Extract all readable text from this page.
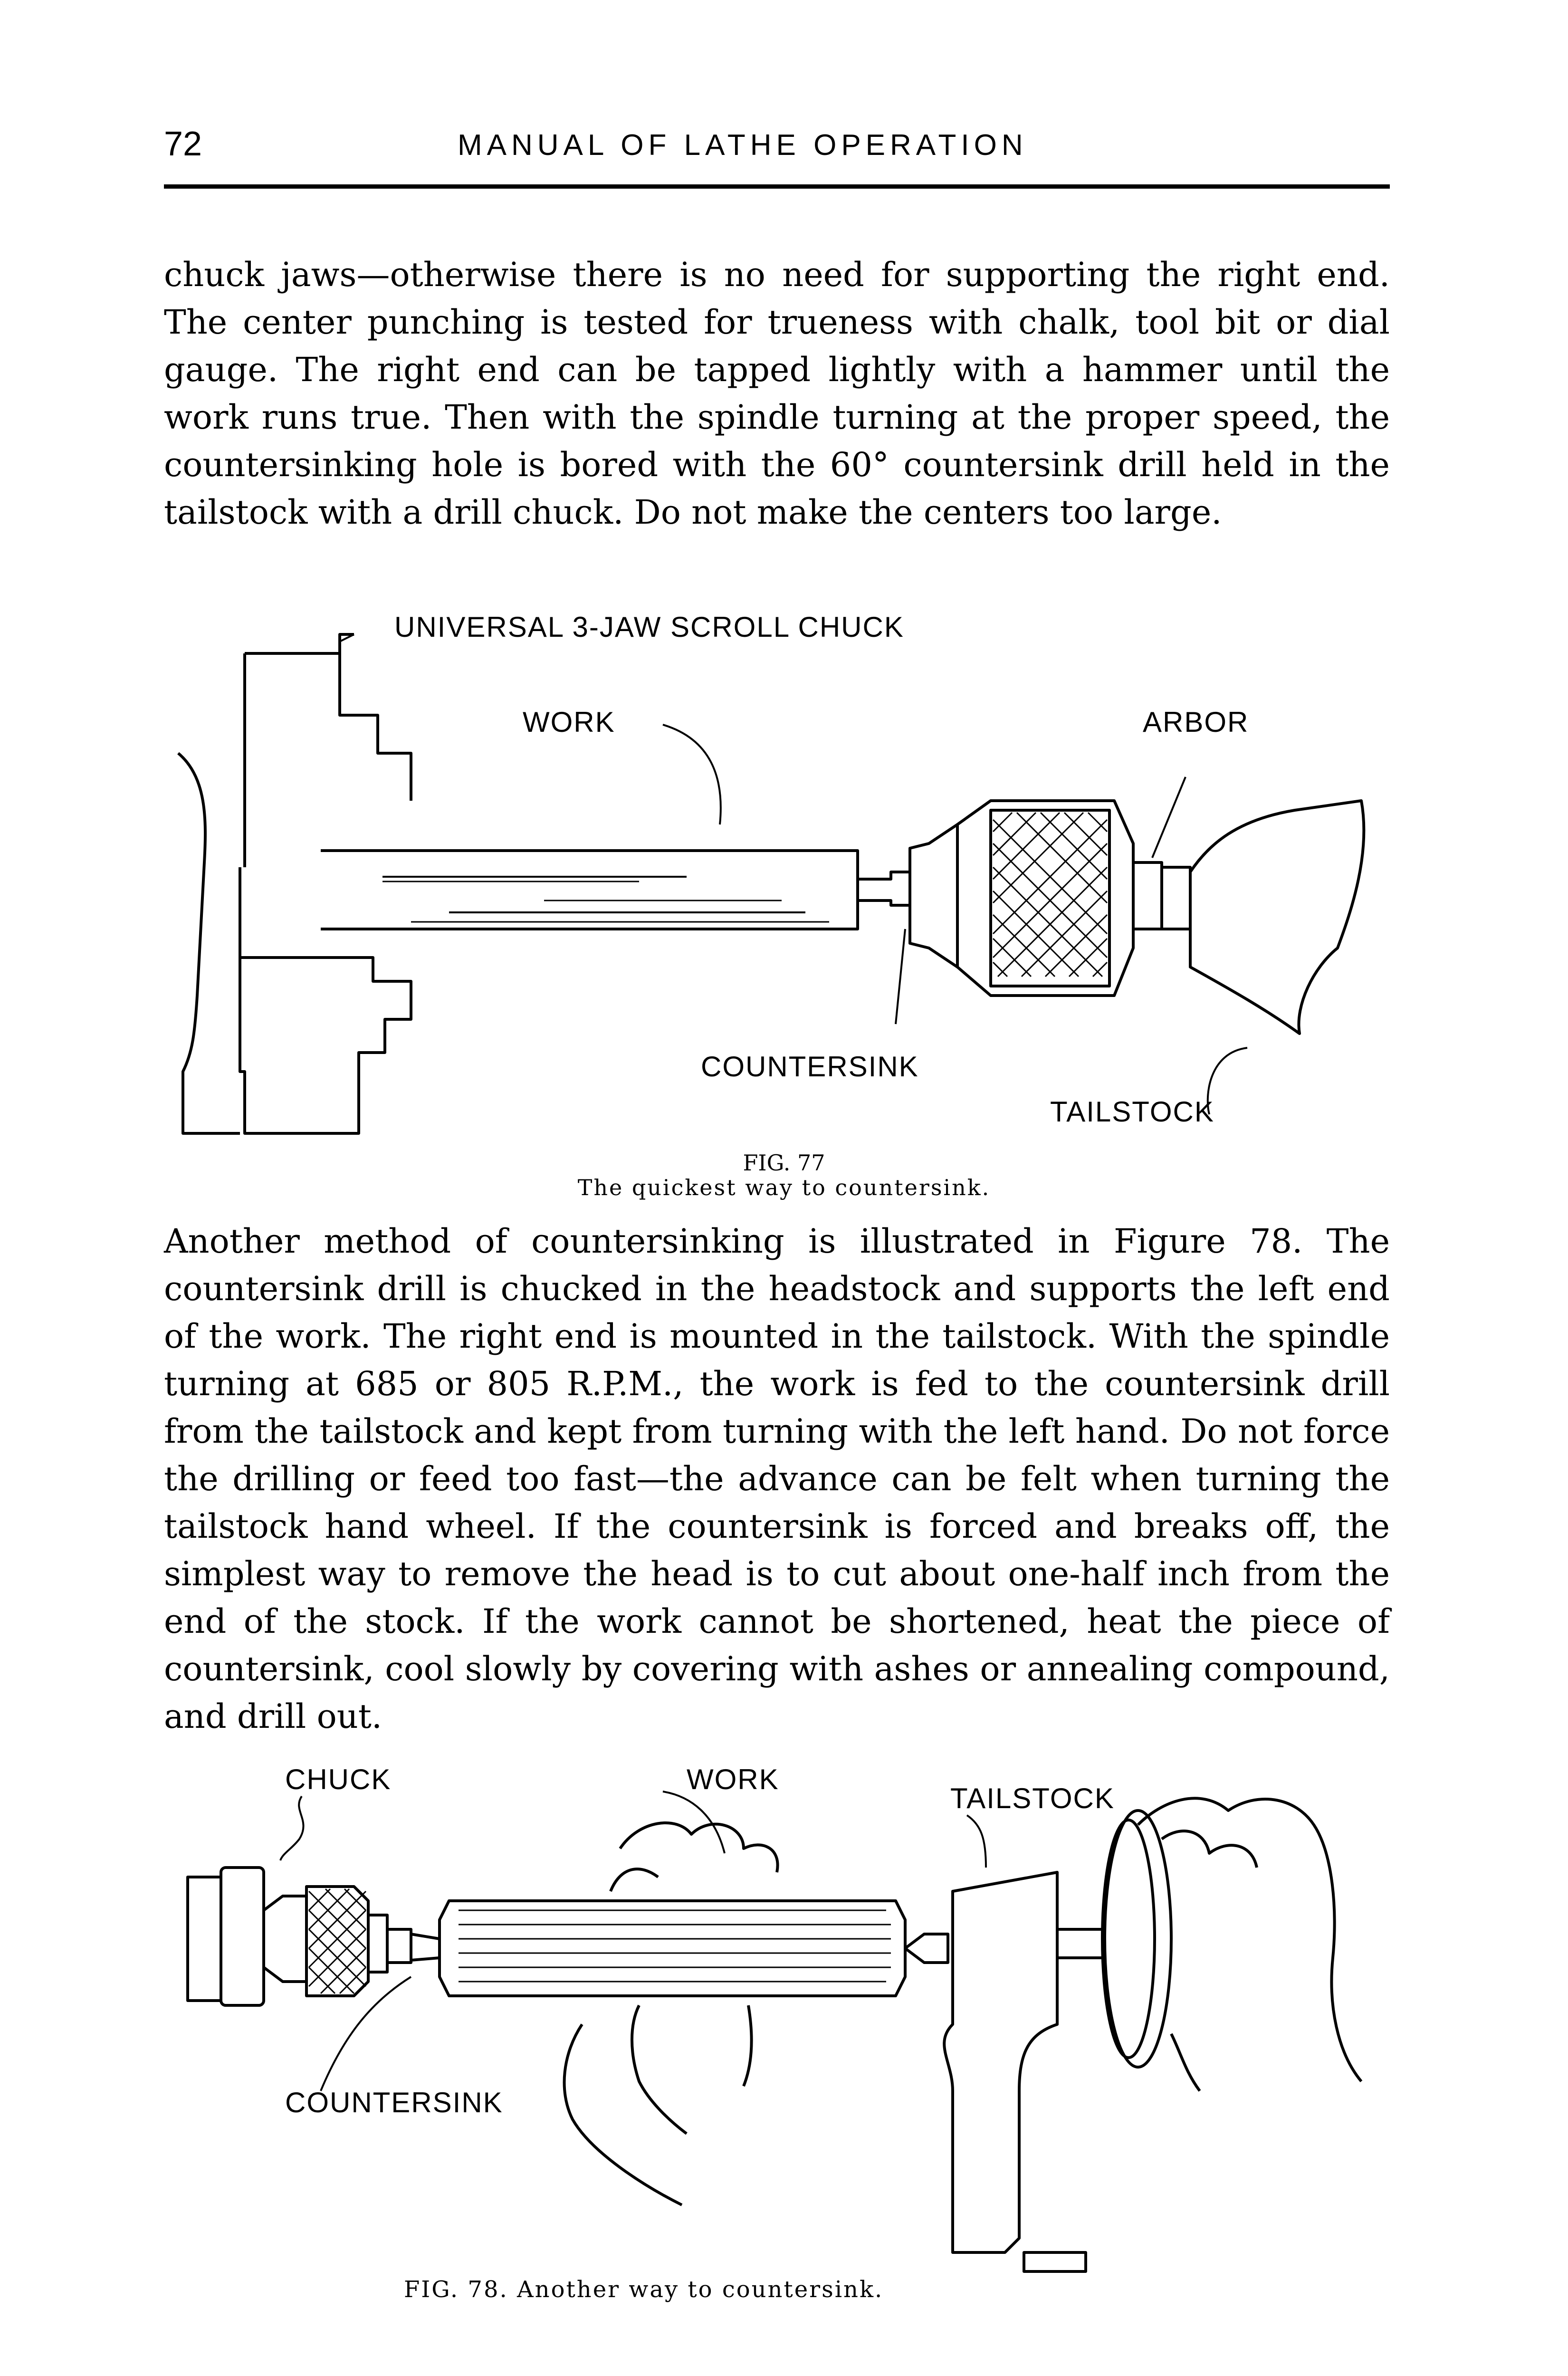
72	MANUAL OF LATHE OPERATION

chuck jaws—otherwise there is no need for supporting the right end. The center punching is tested for trueness with chalk, tool bit or dial gauge. The right end can be tapped lightly with a hammer until the work runs true. Then with the spindle turning at the proper speed, the countersinking hole is bored with the 60° countersink drill held in the tailstock with a drill chuck. Do not make the centers too large.

UNIVERSAL 3-JAW SCROLL CHUCK
WORK	ARBOR
COUNTERSINK
TAILSTOCK
FIG. 77
The quickest way to countersink.

Another method of countersinking is illustrated in Figure 78. The countersink drill is chucked in the headstock and supports the left end of the work. The right end is mounted in the tailstock. With the spindle turning at 685 or 805 R.P.M., the work is fed to the countersink drill from the tailstock and kept from turning with the left hand. Do not force the drilling or feed too fast—the advance can be felt when turning the tailstock hand wheel. If the countersink is forced and breaks off, the simplest way to remove the head is to cut about one-half inch from the end of the stock. If the work cannot be shortened, heat the piece of countersink, cool slowly by covering with ashes or annealing compound, and drill out.

CHUCK	WORK
TAILSTOCK
COUNTERSINK
FIG. 78. Another way to countersink.
